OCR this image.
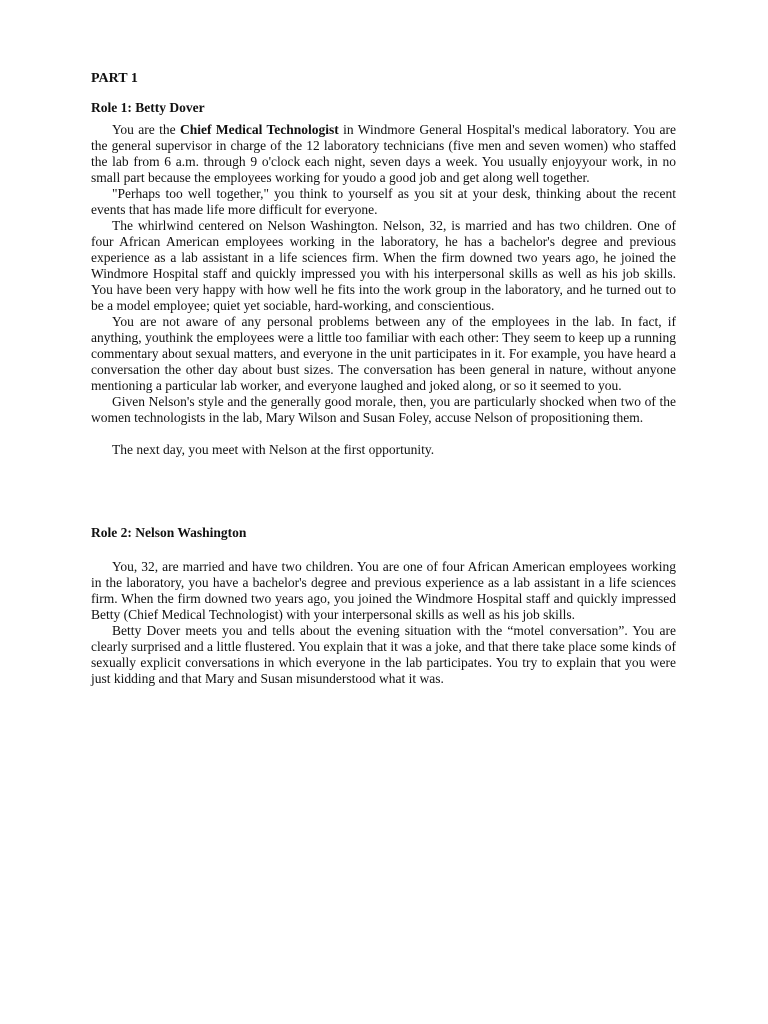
PART 1
Role 1: Betty Dover

You are the Chief Medical Technologist in Windmore General Hospital's medical laboratory. You are the general supervisor in charge of the 12 laboratory technicians (five men and seven women) who staffed the lab from 6 a.m. through 9 o'clock each night, seven days a week. You usually enjoyyour work, in no small part because the employees working for youdo a good job and get along well together.

"Perhaps too well together," you think to yourself as you sit at your desk, thinking about the recent events that has made life more difficult for everyone.

The whirlwind centered on Nelson Washington. Nelson, 32, is married and has two children. One of four African American employees working in the laboratory, he has a bachelor's degree and previous experience as a lab assistant in a life sciences firm. When the firm downed two years ago, he joined the Windmore Hospital staff and quickly impressed you with his interpersonal skills as well as his job skills. You have been very happy with how well he fits into the work group in the laboratory, and he turned out to be a model employee; quiet yet sociable, hard-working, and conscientious.

You are not aware of any personal problems between any of the employees in the lab. In fact, if anything, youthink the employees were a little too familiar with each other: They seem to keep up a running commentary about sexual matters, and everyone in the unit participates in it. For example, you have heard a conversation the other day about bust sizes. The conversation has been general in nature, without anyone mentioning a particular lab worker, and everyone laughed and joked along, or so it seemed to you.

Given Nelson's style and the generally good morale, then, you are particularly shocked when two of the women technologists in the lab, Mary Wilson and Susan Foley, accuse Nelson of propositioning them.

The next day, you meet with Nelson at the first opportunity.

Role 2: Nelson Washington

You, 32, are married and have two children. You are one of four African American employees working in the laboratory, you have a bachelor's degree and previous experience as a lab assistant in a life sciences firm. When the firm downed two years ago, you joined the Windmore Hospital staff and quickly impressed Betty (Chief Medical Technologist) with your interpersonal skills as well as his job skills.

Betty Dover meets you and tells about the evening situation with the “motel conversation”. You are clearly surprised and a little flustered. You explain that it was a joke, and that there take place some kinds of sexually explicit conversations in which everyone in the lab participates. You try to explain that you were just kidding and that Mary and Susan misunderstood what it was.
